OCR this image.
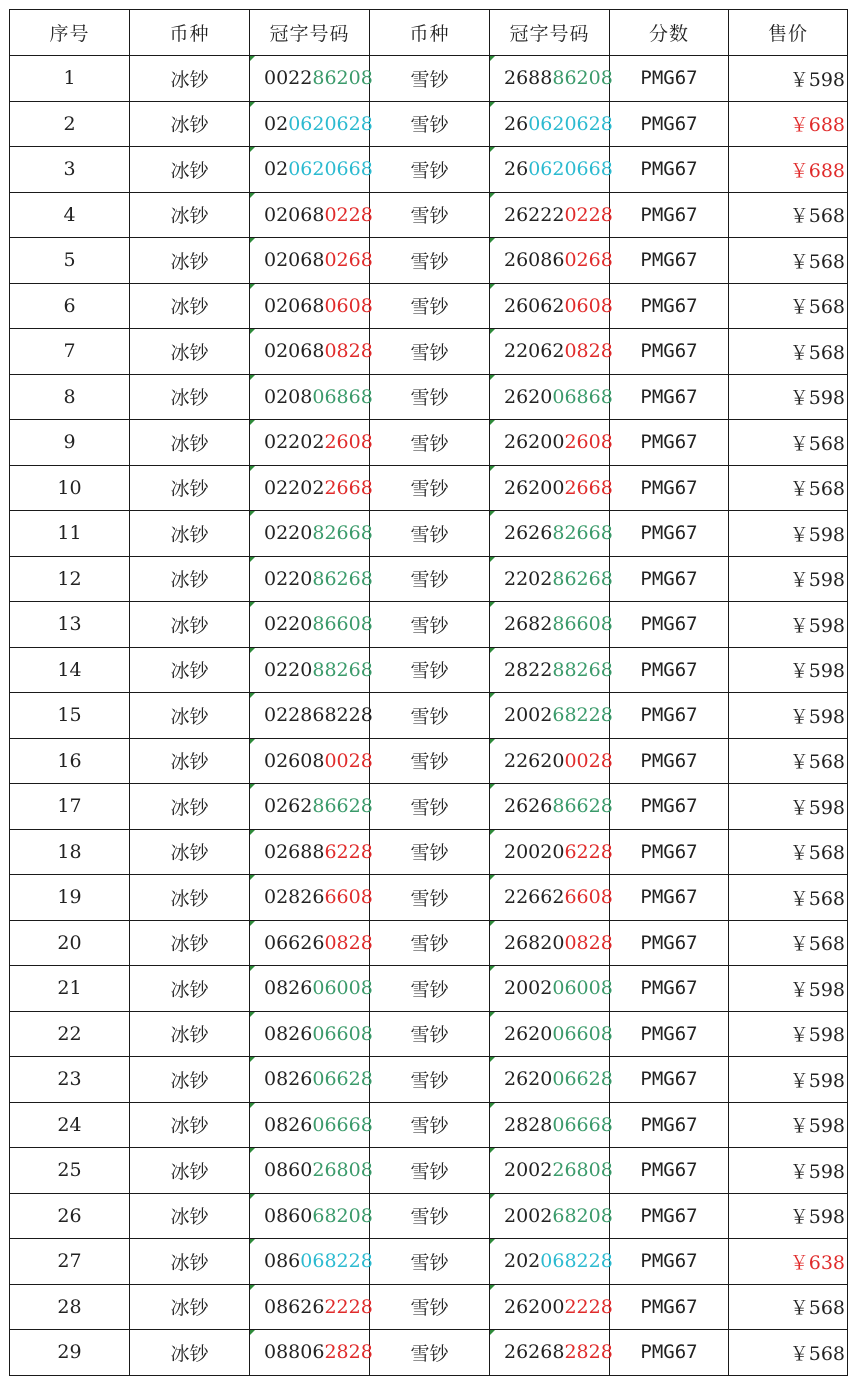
序号	币种	冠字号码	币种	冠字号码	分数	售价
1	冰钞	002286208	雪钞	268886208	PMG67	￥598
2	冰钞	020620628	雪钞	260620628	PMG67	￥688
3	冰钞	020620668	雪钞	260620668	PMG67	￥688
4	冰钞	020680228	雪钞	262220228	PMG67	￥568
5	冰钞	020680268	雪钞	260860268	PMG67	￥568
6	冰钞	020680608	雪钞	260620608	PMG67	￥568
7	冰钞	020680828	雪钞	220620828	PMG67	￥568
8	冰钞	020806868	雪钞	262006868	PMG67	￥598
9	冰钞	022022608	雪钞	262002608	PMG67	￥568
10	冰钞	022022668	雪钞	262002668	PMG67	￥568
11	冰钞	022082668	雪钞	262682668	PMG67	￥598
12	冰钞	022086268	雪钞	220286268	PMG67	￥598
13	冰钞	022086608	雪钞	268286608	PMG67	￥598
14	冰钞	022088268	雪钞	282288268	PMG67	￥598
15	冰钞	022868228	雪钞	200268228	PMG67	￥598
16	冰钞	026080028	雪钞	226200028	PMG67	￥568
17	冰钞	026286628	雪钞	262686628	PMG67	￥598
18	冰钞	026886228	雪钞	200206228	PMG67	￥568
19	冰钞	028266608	雪钞	226626608	PMG67	￥568
20	冰钞	066260828	雪钞	268200828	PMG67	￥568
21	冰钞	082606008	雪钞	200206008	PMG67	￥598
22	冰钞	082606608	雪钞	262006608	PMG67	￥598
23	冰钞	082606628	雪钞	262006628	PMG67	￥598
24	冰钞	082606668	雪钞	282806668	PMG67	￥598
25	冰钞	086026808	雪钞	200226808	PMG67	￥598
26	冰钞	086068208	雪钞	200268208	PMG67	￥598
27	冰钞	086068228	雪钞	202068228	PMG67	￥638
28	冰钞	086262228	雪钞	262002228	PMG67	￥568
29	冰钞	088062828	雪钞	262682828	PMG67	￥568
